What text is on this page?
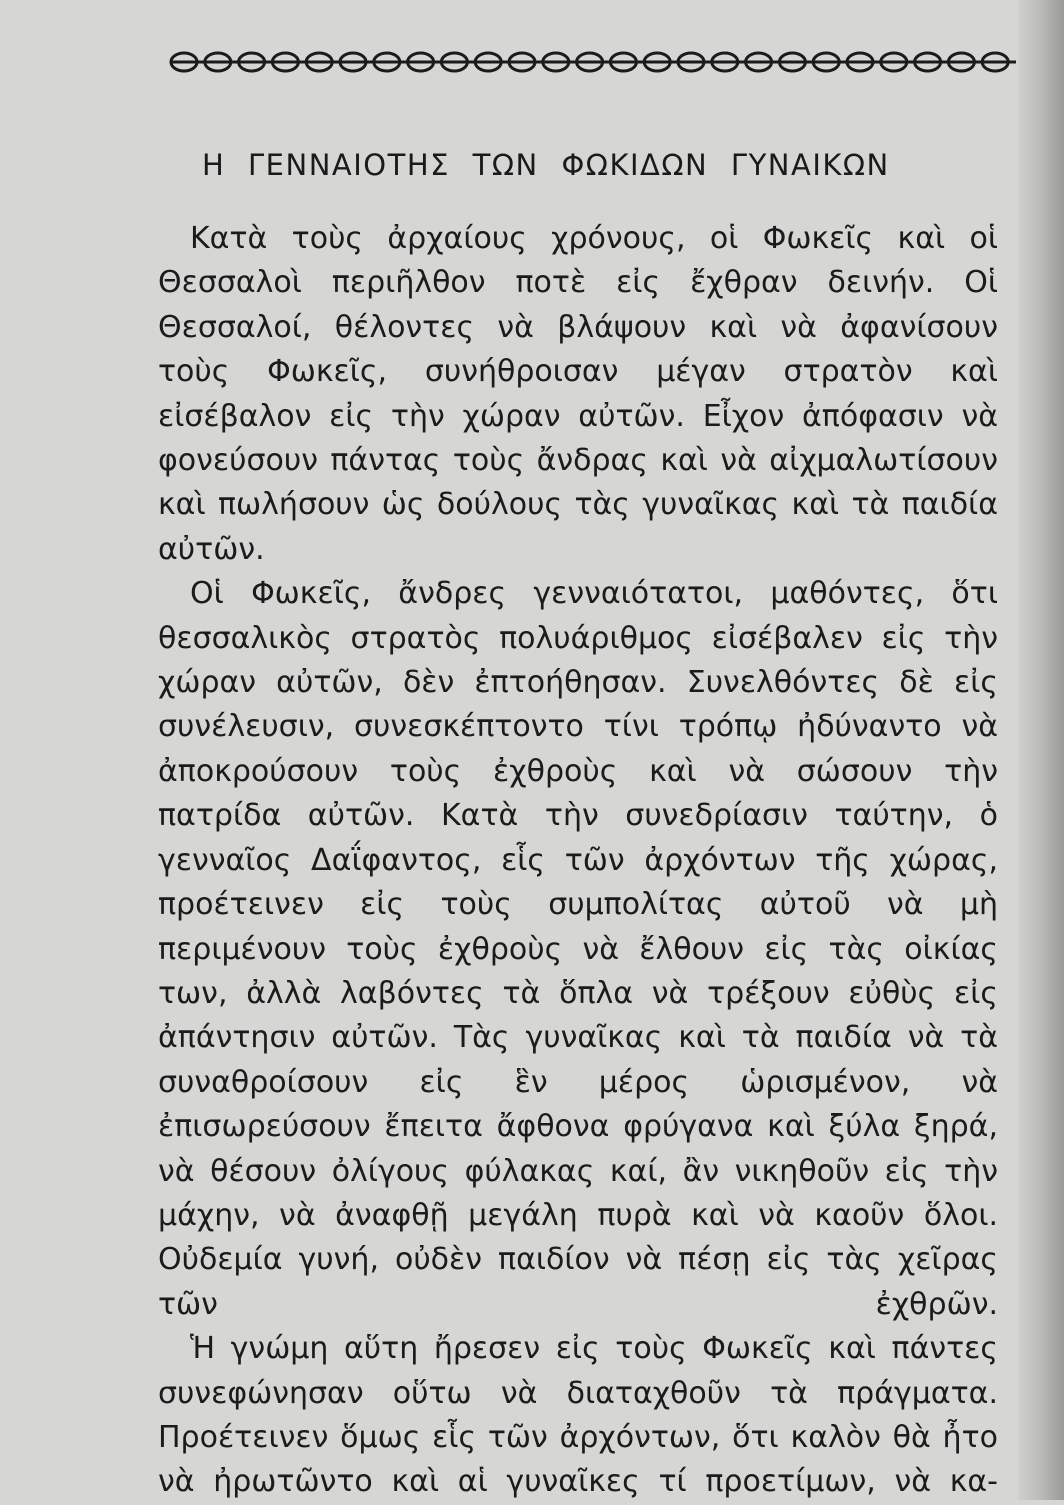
Η ΓΕΝΝΑΙΟΤΗΣ ΤΩΝ ΦΩΚΙΔΩΝ ΓΥΝΑΙΚΩΝ

Κατὰ τοὺς ἀρχαίους χρόνους, οἱ Φωκεῖς καὶ οἱ Θεσσαλοὶ περιῆλθον ποτὲ εἰς ἔχθραν δεινήν. Οἱ Θεσσαλοί, θέλοντες νὰ βλάψουν καὶ νὰ ἀφανίσουν τοὺς Φωκεῖς, συνήθροισαν μέγαν στρατὸν καὶ εἰσέβαλον εἰς τὴν χώραν αὐτῶν. Εἶχον ἀπόφασιν νὰ φονεύσουν πάντας τοὺς ἄνδρας καὶ νὰ αἰχμαλωτίσουν καὶ πωλήσουν ὡς δούλους τὰς γυναῖκας καὶ τὰ παιδία αὐτῶν.

Οἱ Φωκεῖς, ἄνδρες γενναιότατοι, μαθόντες, ὅτι θεσσαλικὸς στρατὸς πολυάριθμος εἰσέβαλεν εἰς τὴν χώραν αὐτῶν, δὲν ἐπτοήθησαν. Συνελθόντες δὲ εἰς συνέλευσιν, συνεσκέπτοντο τίνι τρόπῳ ἠδύναντο νὰ ἀποκρούσουν τοὺς ἐχθροὺς καὶ νὰ σώσουν τὴν πατρίδα αὐτῶν. Κατὰ τὴν συνεδρίασιν ταύτην, ὁ γενναῖος Δαΐφαντος, εἷς τῶν ἀρχόντων τῆς χώρας, προέτεινεν εἰς τοὺς συμπολίτας αὐτοῦ νὰ μὴ περιμένουν τοὺς ἐχθροὺς νὰ ἔλθουν εἰς τὰς οἰκίας των, ἀλλὰ λαβόντες τὰ ὅπλα νὰ τρέξουν εὐθὺς εἰς ἀπάντησιν αὐτῶν. Τὰς γυναῖκας καὶ τὰ παιδία νὰ τὰ συναθροίσουν εἰς ἓν μέρος ὡρισμένον, νὰ ἐπισωρεύσουν ἔπειτα ἄφθονα φρύγανα καὶ ξύλα ξηρά, νὰ θέσουν ὀλίγους φύλακας καί, ἂν νικηθοῦν εἰς τὴν μάχην, νὰ ἀναφθῇ μεγάλη πυρὰ καὶ νὰ καοῦν ὅλοι. Οὐδεμία γυνή, οὐδὲν παιδίον νὰ πέσῃ εἰς τὰς χεῖρας τῶν ἐχθρῶν.

Ἡ γνώμη αὕτη ἤρεσεν εἰς τοὺς Φωκεῖς καὶ πάντες συνεφώνησαν οὕτω νὰ διαταχθοῦν τὰ πράγματα. Προέτεινεν ὅμως εἷς τῶν ἀρχόντων, ὅτι καλὸν θὰ ἦτο νὰ ἠρωτῶντο καὶ αἱ γυναῖκες τί προετίμων, νὰ κα-
